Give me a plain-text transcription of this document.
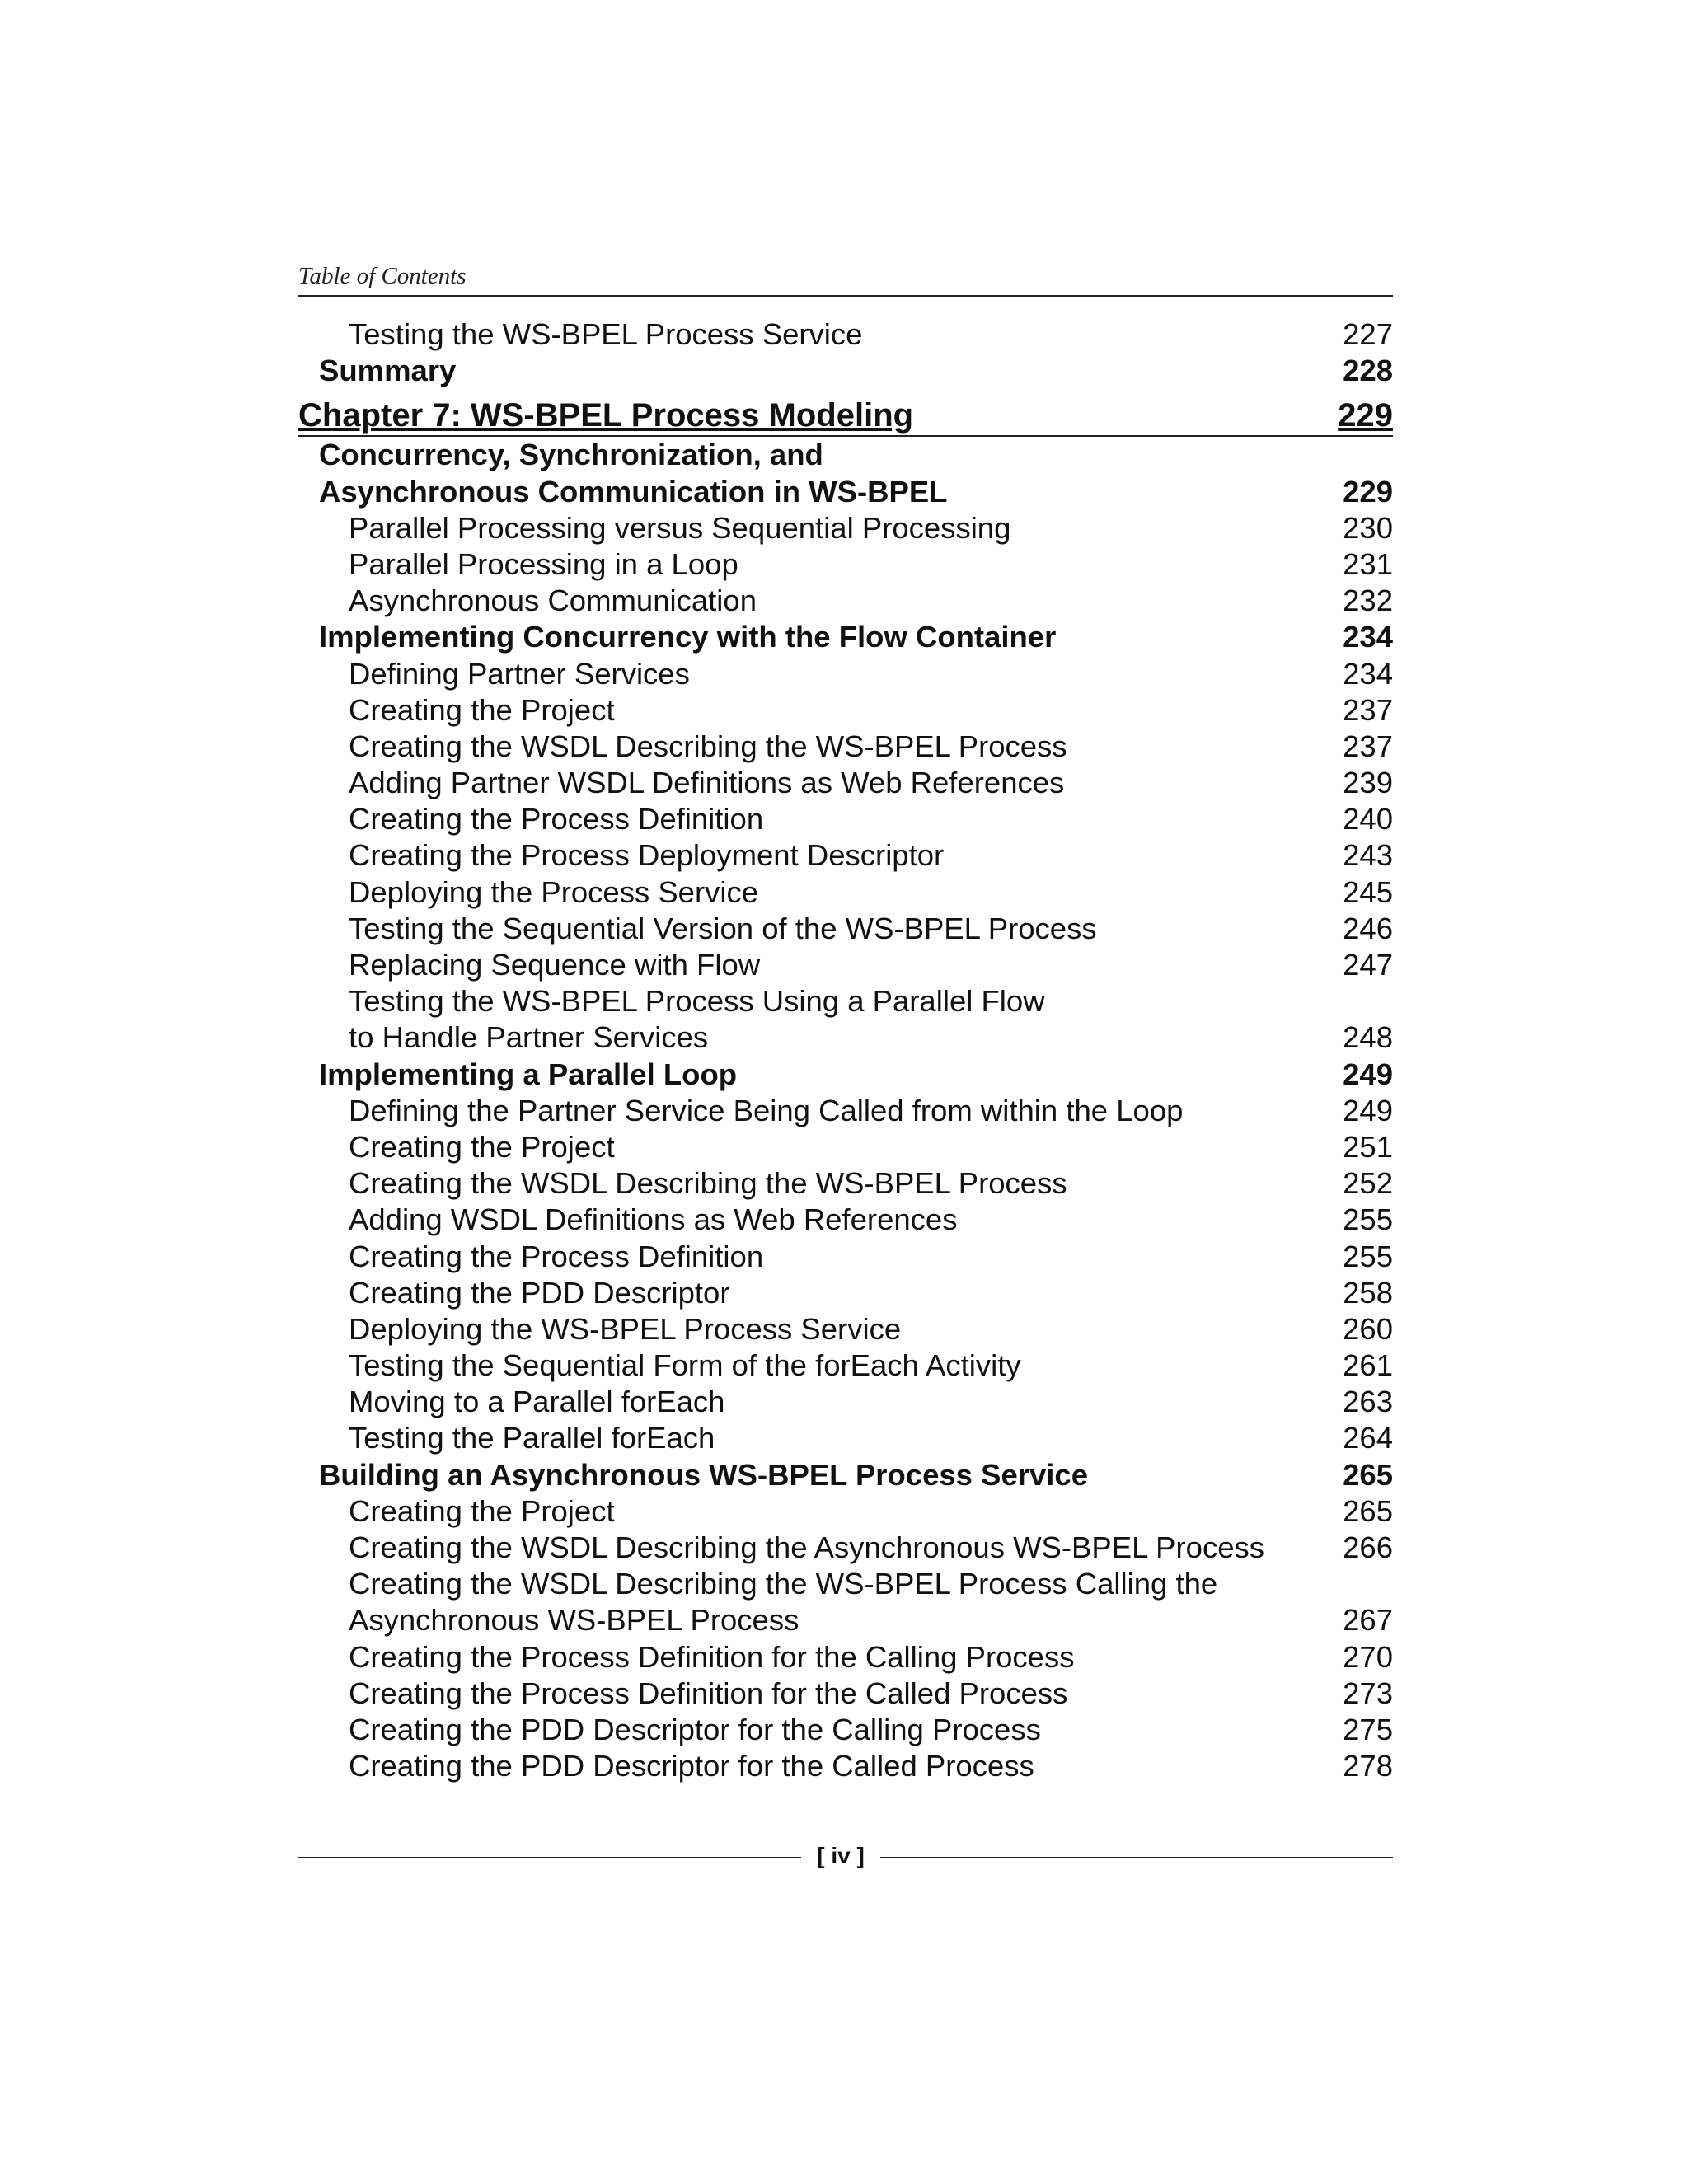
Table of Contents
Testing the WS-BPEL Process Service	227
Summary	228
Chapter 7: WS-BPEL Process Modeling	229
Concurrency, Synchronization, and
Asynchronous Communication in WS-BPEL	229
Parallel Processing versus Sequential Processing	230
Parallel Processing in a Loop	231
Asynchronous Communication	232
Implementing Concurrency with the Flow Container	234
Defining Partner Services	234
Creating the Project	237
Creating the WSDL Describing the WS-BPEL Process	237
Adding Partner WSDL Definitions as Web References	239
Creating the Process Definition	240
Creating the Process Deployment Descriptor	243
Deploying the Process Service	245
Testing the Sequential Version of the WS-BPEL Process	246
Replacing Sequence with Flow	247
Testing the WS-BPEL Process Using a Parallel Flow
to Handle Partner Services	248
Implementing a Parallel Loop	249
Defining the Partner Service Being Called from within the Loop	249
Creating the Project	251
Creating the WSDL Describing the WS-BPEL Process	252
Adding WSDL Definitions as Web References	255
Creating the Process Definition	255
Creating the PDD Descriptor	258
Deploying the WS-BPEL Process Service	260
Testing the Sequential Form of the forEach Activity	261
Moving to a Parallel forEach	263
Testing the Parallel forEach	264
Building an Asynchronous WS-BPEL Process Service	265
Creating the Project	265
Creating the WSDL Describing the Asynchronous WS-BPEL Process	266
Creating the WSDL Describing the WS-BPEL Process Calling the
Asynchronous WS-BPEL Process	267
Creating the Process Definition for the Calling Process	270
Creating the Process Definition for the Called Process	273
Creating the PDD Descriptor for the Calling Process	275
Creating the PDD Descriptor for the Called Process	278
[ iv ]
